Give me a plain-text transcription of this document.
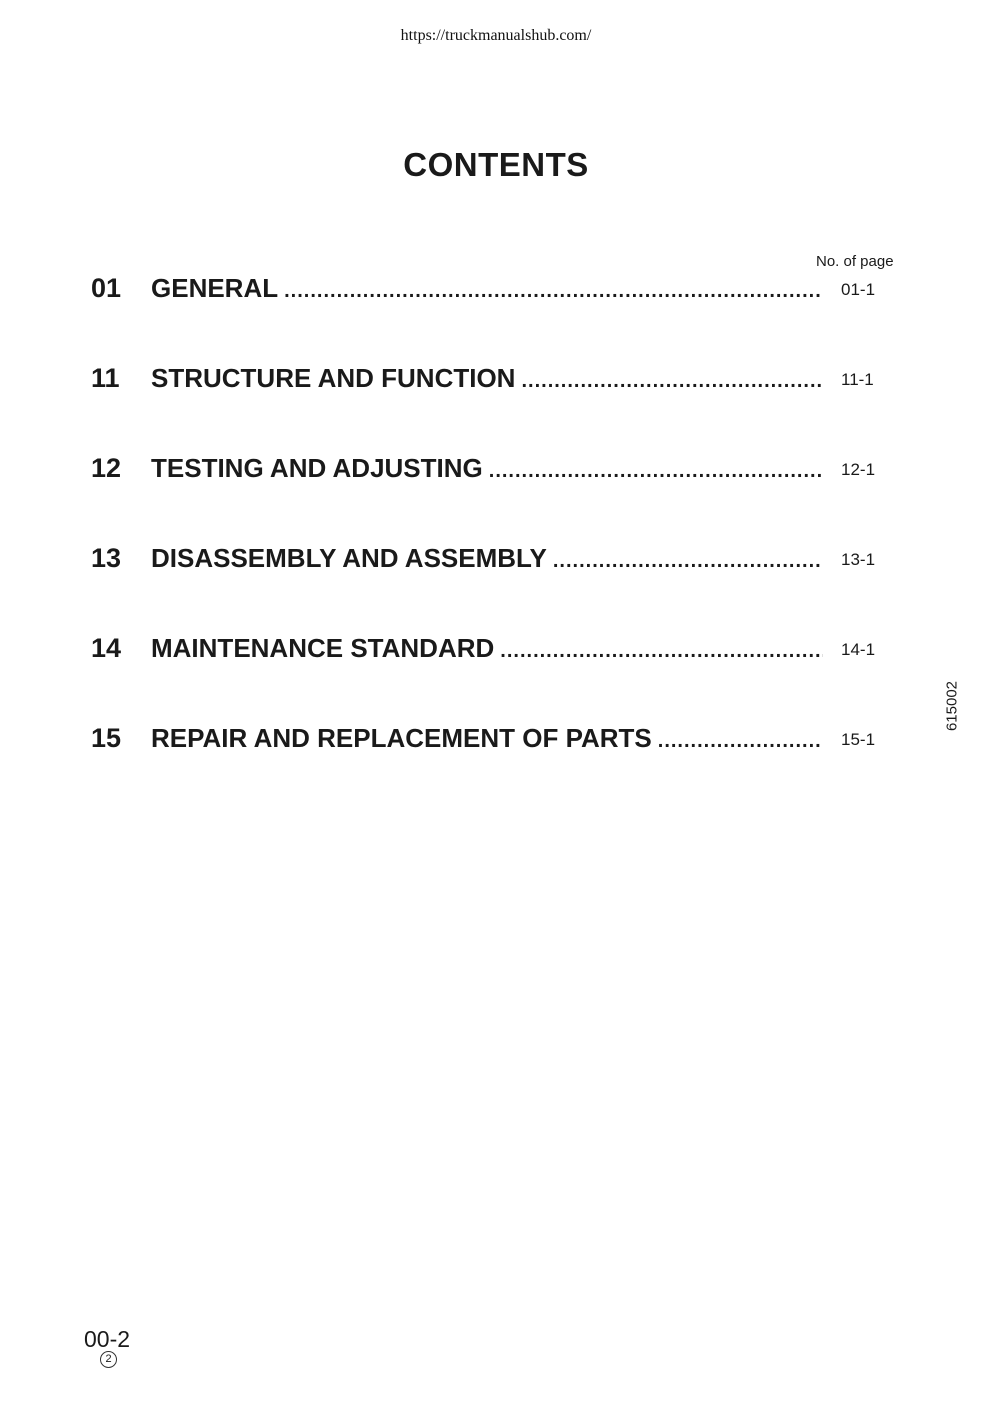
https://truckmanualshub.com/
CONTENTS
No. of page
01 GENERAL .....	01-1
11 STRUCTURE AND FUNCTION .....	11-1
12 TESTING AND ADJUSTING .....	12-1
13 DISASSEMBLY AND ASSEMBLY .....	13-1
14 MAINTENANCE STANDARD .....	14-1
15 REPAIR AND REPLACEMENT OF PARTS .....	15-1
615002
00-2
2
